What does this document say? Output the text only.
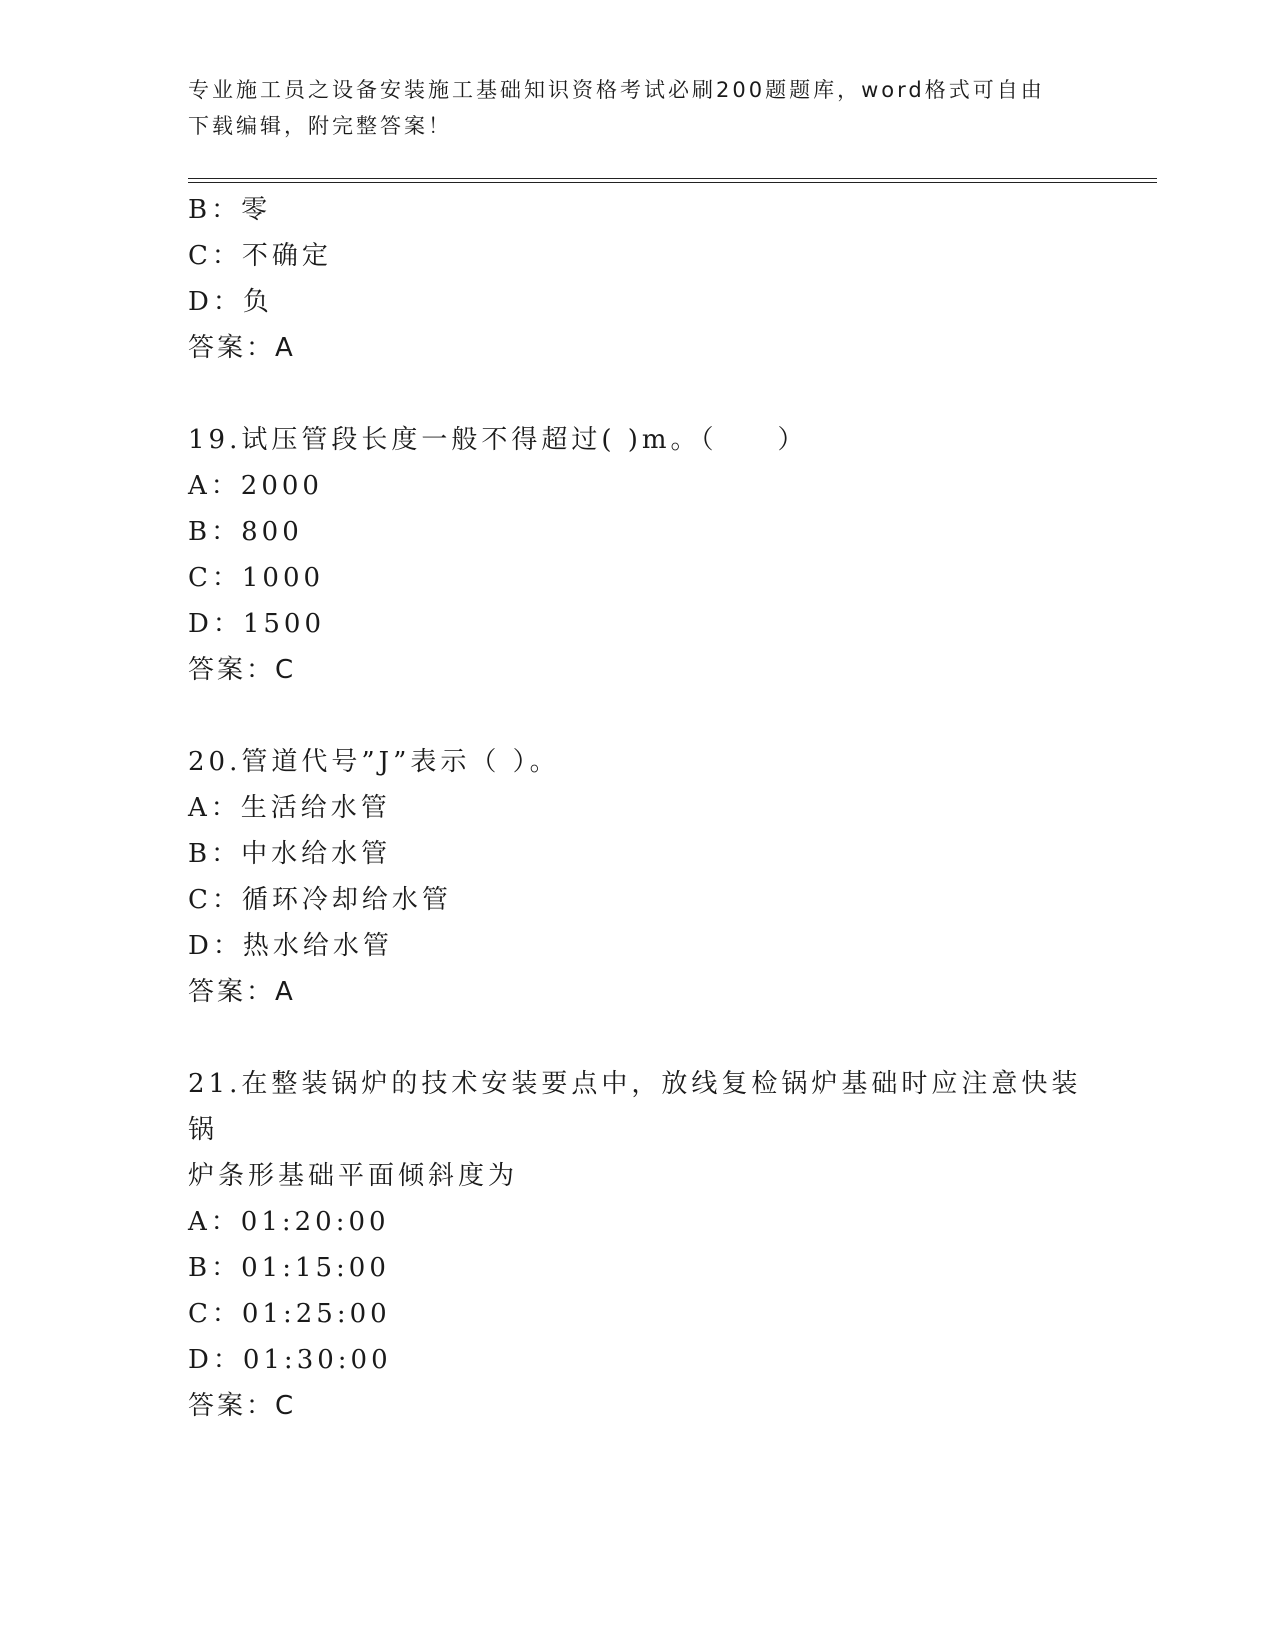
专业施工员之设备安装施工基础知识资格考试必刷200题题库，word格式可自由
下载编辑，附完整答案！
B：零
C：不确定
D：负
答案：A
19.试压管段长度一般不得超过( )m。（　　）
A：2000
B：800
C：1000
D：1500
答案：C
20.管道代号”J”表示（ ）。
A：生活给水管
B：中水给水管
C：循环冷却给水管
D：热水给水管
答案：A
21.在整装锅炉的技术安装要点中，放线复检锅炉基础时应注意快装锅
炉条形基础平面倾斜度为
A：01:20:00
B：01:15:00
C：01:25:00
D：01:30:00
答案：C
